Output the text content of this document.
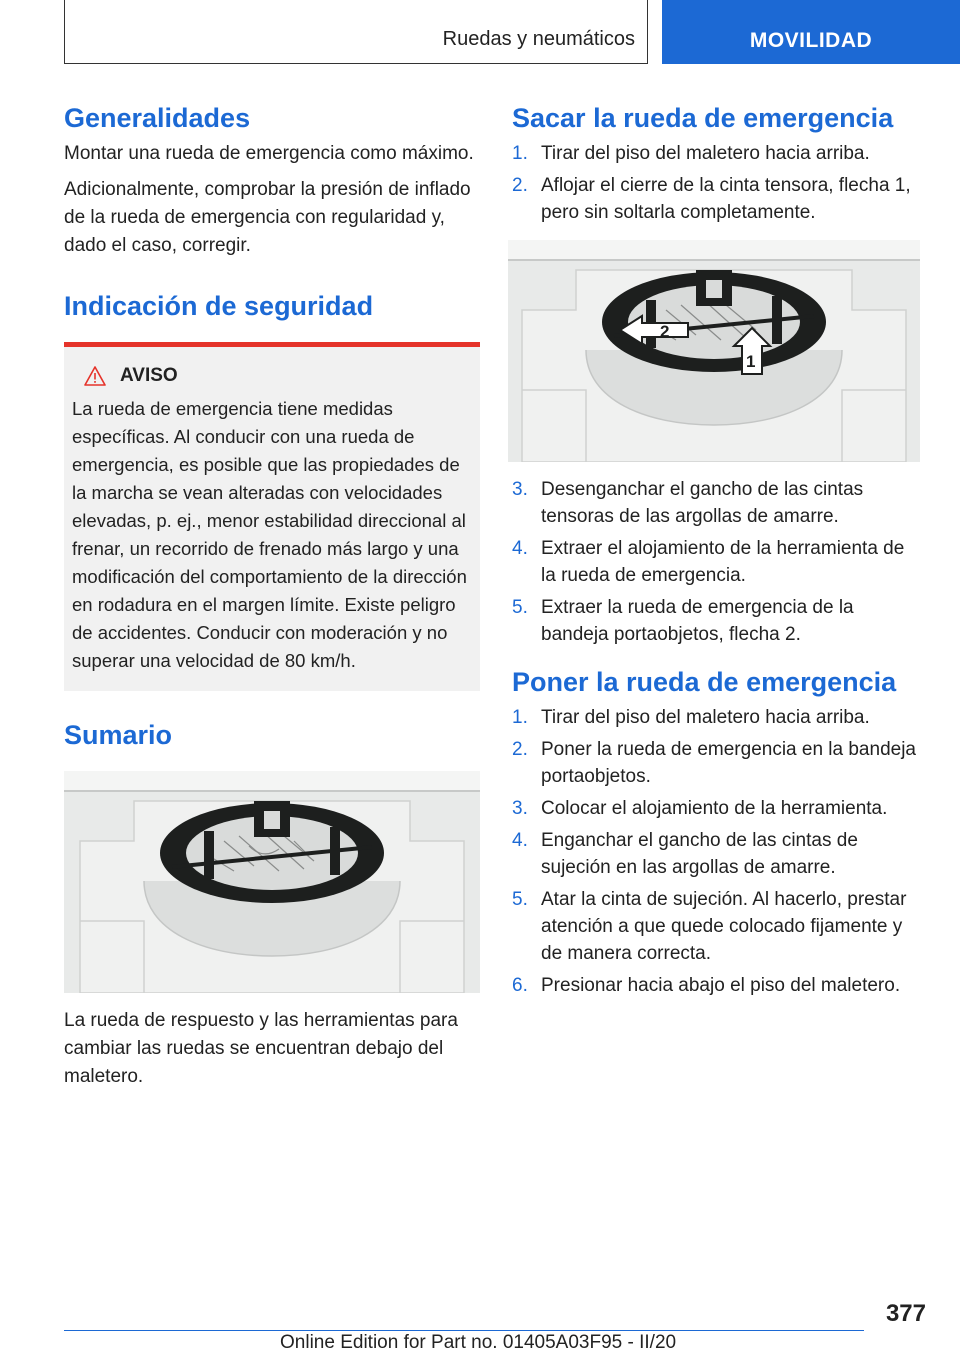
Ruedas y neumáticos	MOVILIDAD
Generalidades

Montar una rueda de emergencia como máximo.

Adicionalmente, comprobar la presión de inflado de la rueda de emergencia con regularidad y, dado el caso, corregir.

Indicación de seguridad
AVISO

La rueda de emergencia tiene medidas específicas. Al conducir con una rueda de emergencia, es posible que las propiedades de la marcha se vean alteradas con velocidades elevadas, p. ej., menor estabilidad direccional al frenar, un recorrido de frenado más largo y una modificación del comportamiento de la dirección en rodadura en el margen límite. Existe peligro de accidentes. Conducir con moderación y no superar una velocidad de 80 km/h.

Sumario

La rueda de respuesto y las herramientas para cambiar las ruedas se encuentran debajo del maletero.

Sacar la rueda de emergencia
1. Tirar del piso del maletero hacia arriba.
2. Aflojar el cierre de la cinta tensora, flecha 1, pero sin soltarla completamente.
2
1
3. Desenganchar el gancho de las cintas tensoras de las argollas de amarre.
4. Extraer el alojamiento de la herramienta de la rueda de emergencia.
5. Extraer la rueda de emergencia de la bandeja portaobjetos, flecha 2.
Poner la rueda de emergencia
1. Tirar del piso del maletero hacia arriba.
2. Poner la rueda de emergencia en la bandeja portaobjetos.
3. Colocar el alojamiento de la herramienta.
4. Enganchar el gancho de las cintas de sujeción en las argollas de amarre.
5. Atar la cinta de sujeción. Al hacerlo, prestar atención a que quede colocado fijamente y de manera correcta.
6. Presionar hacia abajo el piso del maletero.
377
Online Edition for Part no. 01405A03F95 - II/20
